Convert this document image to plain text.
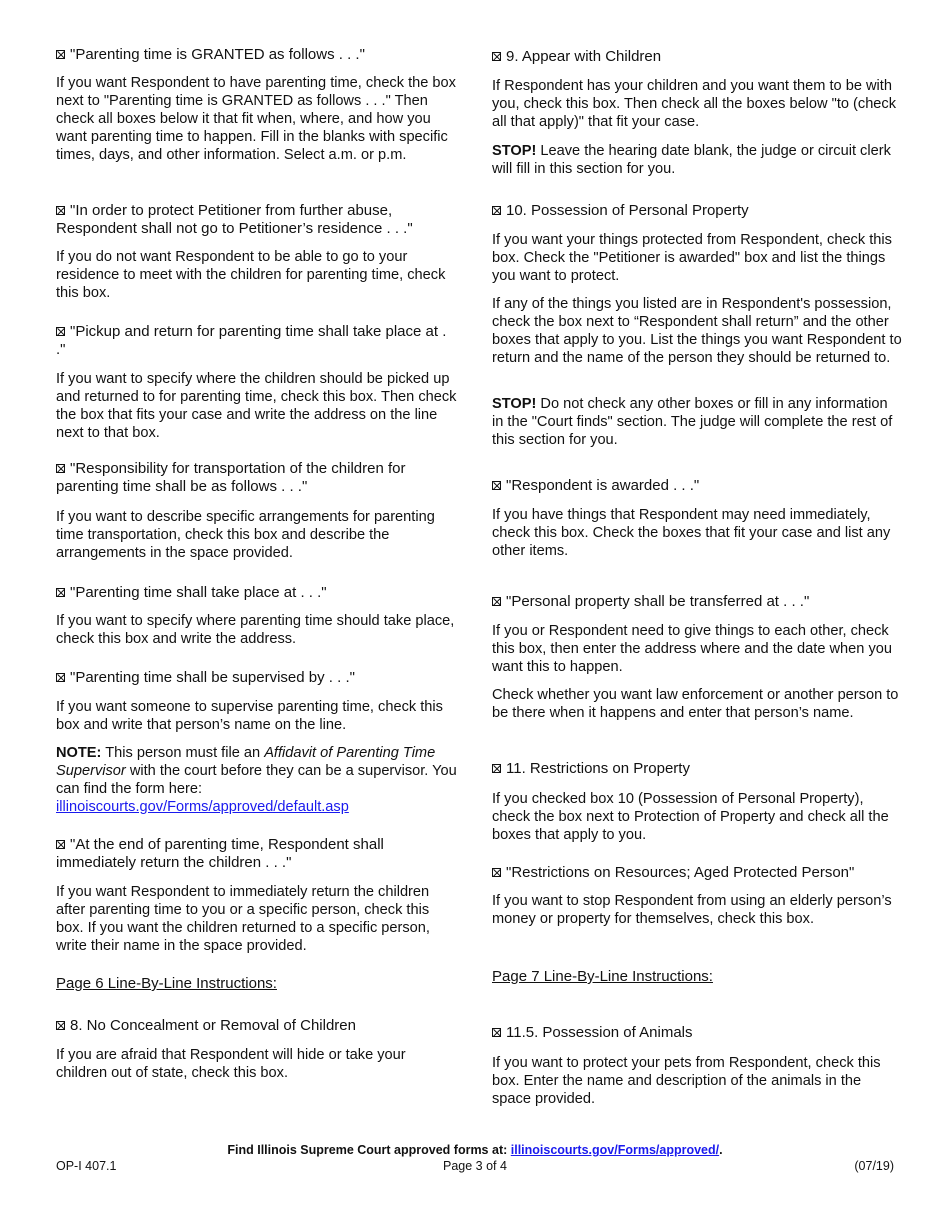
"Parenting time is GRANTED as follows . . ."
If you want Respondent to have parenting time, check the box next to "Parenting time is GRANTED as follows . . ." Then check all boxes below it that fit when, where, and how you want parenting time to happen. Fill in the blanks with specific times, days, and other information. Select a.m. or p.m.
"In order to protect Petitioner from further abuse, Respondent shall not go to Petitioner’s residence . . ."
If you do not want Respondent to be able to go to your residence to meet with the children for parenting time, check this box.
"Pickup and return for parenting time shall take place at . ."
If you want to specify where the children should be picked up and returned to for parenting time, check this box. Then check the box that fits your case and write the address on the line next to that box.
"Responsibility for transportation of the children for parenting time shall be as follows . . ."
If you want to describe specific arrangements for parenting time transportation, check this box and describe the arrangements in the space provided.
"Parenting time shall take place at . . ."
If you want to specify where parenting time should take place, check this box and write the address.
"Parenting time shall be supervised by . . ."
If you want someone to supervise parenting time, check this box and write that person’s name on the line.
NOTE: This person must file an Affidavit of Parenting Time Supervisor with the court before they can be a supervisor. You can find the form here:
illinoiscourts.gov/Forms/approved/default.asp
"At the end of parenting time, Respondent shall immediately return the children . . ."
If you want Respondent to immediately return the children after parenting time to you or a specific person, check this box. If you want the children returned to a specific person, write their name in the space provided.
Page 6 Line-By-Line Instructions:
8. No Concealment or Removal of Children
If you are afraid that Respondent will hide or take your children out of state, check this box.
9. Appear with Children
If Respondent has your children and you want them to be with you, check this box. Then check all the boxes below "to (check all that apply)" that fit your case.
STOP! Leave the hearing date blank, the judge or circuit clerk will fill in this section for you.
10. Possession of Personal Property
If you want your things protected from Respondent, check this box. Check the "Petitioner is awarded" box and list the things you want to protect.
If any of the things you listed are in Respondent's possession, check the box next to “Respondent shall return” and the other boxes that apply to you. List the things you want Respondent to return and the name of the person they should be returned to.
STOP! Do not check any other boxes or fill in any information in the "Court finds" section. The judge will complete the rest of this section for you.
"Respondent is awarded . . ."
If you have things that Respondent may need immediately, check this box. Check the boxes that fit your case and list any other items.
"Personal property shall be transferred at . . ."
If you or Respondent need to give things to each other, check this box, then enter the address where and the date when you want this to happen.
Check whether you want law enforcement or another person to be there when it happens and enter that person’s name.
11. Restrictions on Property
If you checked box 10 (Possession of Personal Property), check the box next to Protection of Property and check all the boxes that apply to you.
"Restrictions on Resources; Aged Protected Person"
If you want to stop Respondent from using an elderly person’s money or property for themselves, check this box.
Page 7 Line-By-Line Instructions:
11.5. Possession of Animals
If you want to protect your pets from Respondent, check this box. Enter the name and description of the animals in the space provided.
Find Illinois Supreme Court approved forms at: illinoiscourts.gov/Forms/approved/.
OP-I 407.1	Page 3 of 4	(07/19)
